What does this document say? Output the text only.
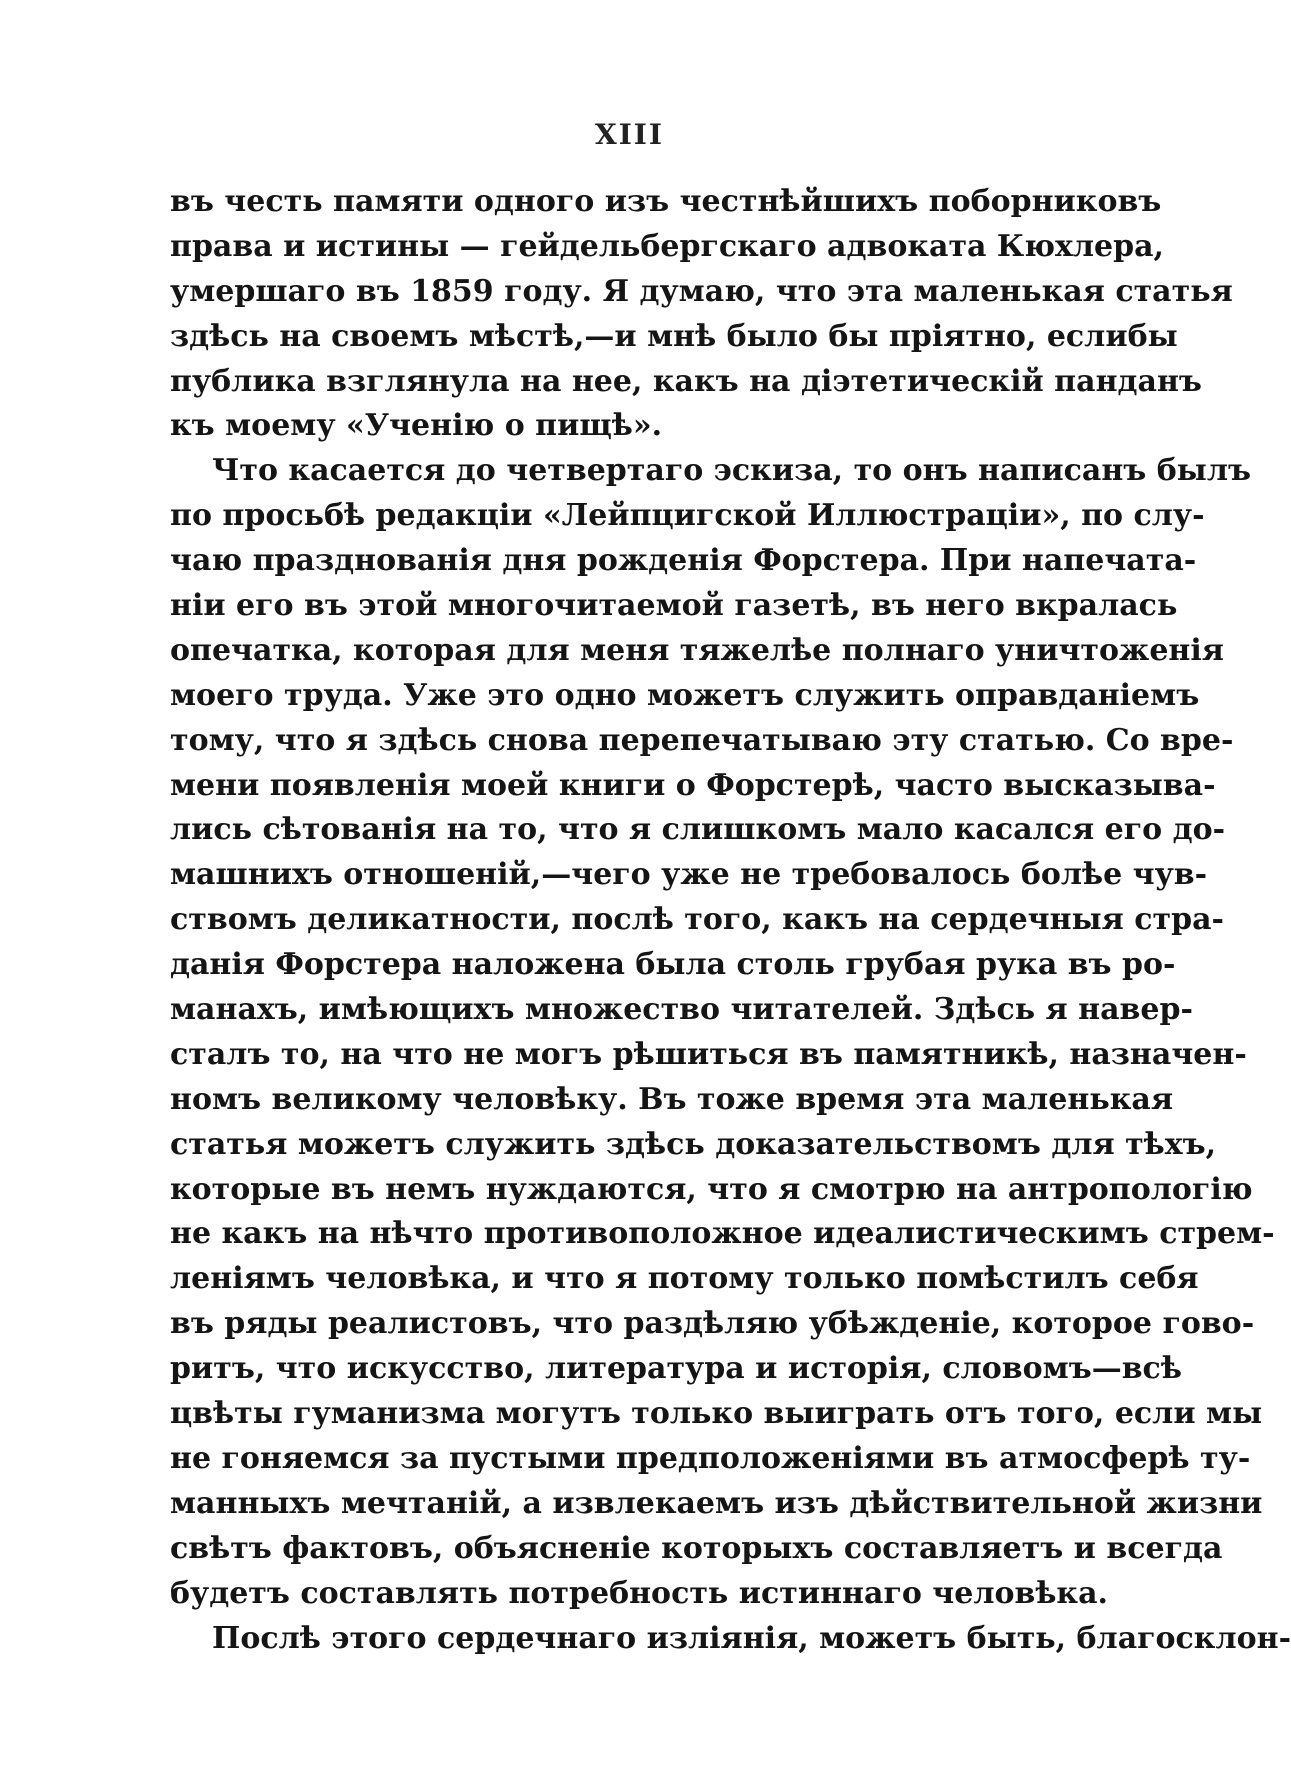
XIII
въ честь памяти одного изъ честнѣйшихъ поборниковъ
права и истины — гейдельбергскаго адвоката Кюхлера,
умершаго въ 1859 году. Я думаю, что эта маленькая статья
здѣсь на своемъ мѣстѣ,—и мнѣ было бы пріятно, еслибы
публика взглянула на нее, какъ на діэтетическій панданъ
къ моему «Ученію о пищѣ».
Что касается до четвертаго эскиза, то онъ написанъ былъ
по просьбѣ редакціи «Лейпцигской Иллюстраціи», по слу-
чаю празднованія дня рожденія Форстера. При напечата-
ніи его въ этой многочитаемой газетѣ, въ него вкралась
опечатка, которая для меня тяжелѣе полнаго уничтоженія
моего труда. Уже это одно можетъ служить оправданіемъ
тому, что я здѣсь снова перепечатываю эту статью. Со вре-
мени появленія моей книги о Форстерѣ, часто высказыва-
лись сѣтованія на то, что я слишкомъ мало касался его до-
машнихъ отношеній,—чего уже не требовалось болѣе чув-
ствомъ деликатности, послѣ того, какъ на сердечныя стра-
данія Форстера наложена была столь грубая рука въ ро-
манахъ, имѣющихъ множество читателей. Здѣсь я навер-
сталъ то, на что не могъ рѣшиться въ памятникѣ, назначен-
номъ великому человѣку. Въ тоже время эта маленькая
статья можетъ служить здѣсь доказательствомъ для тѣхъ,
которые въ немъ нуждаются, что я смотрю на антропологію
не какъ на нѣчто противоположное идеалистическимъ стрем-
леніямъ человѣка, и что я потому только помѣстилъ себя
въ ряды реалистовъ, что раздѣляю убѣжденіе, которое гово-
ритъ, что искусство, литература и исторія, словомъ—всѣ
цвѣты гуманизма могутъ только выиграть отъ того, если мы
не гоняемся за пустыми предположеніями въ атмосферѣ ту-
манныхъ мечтаній, а извлекаемъ изъ дѣйствительной жизни
свѣтъ фактовъ, объясненіе которыхъ составляетъ и всегда
будетъ составлять потребность истиннаго человѣка.
Послѣ этого сердечнаго изліянія, можетъ быть, благосклон-
